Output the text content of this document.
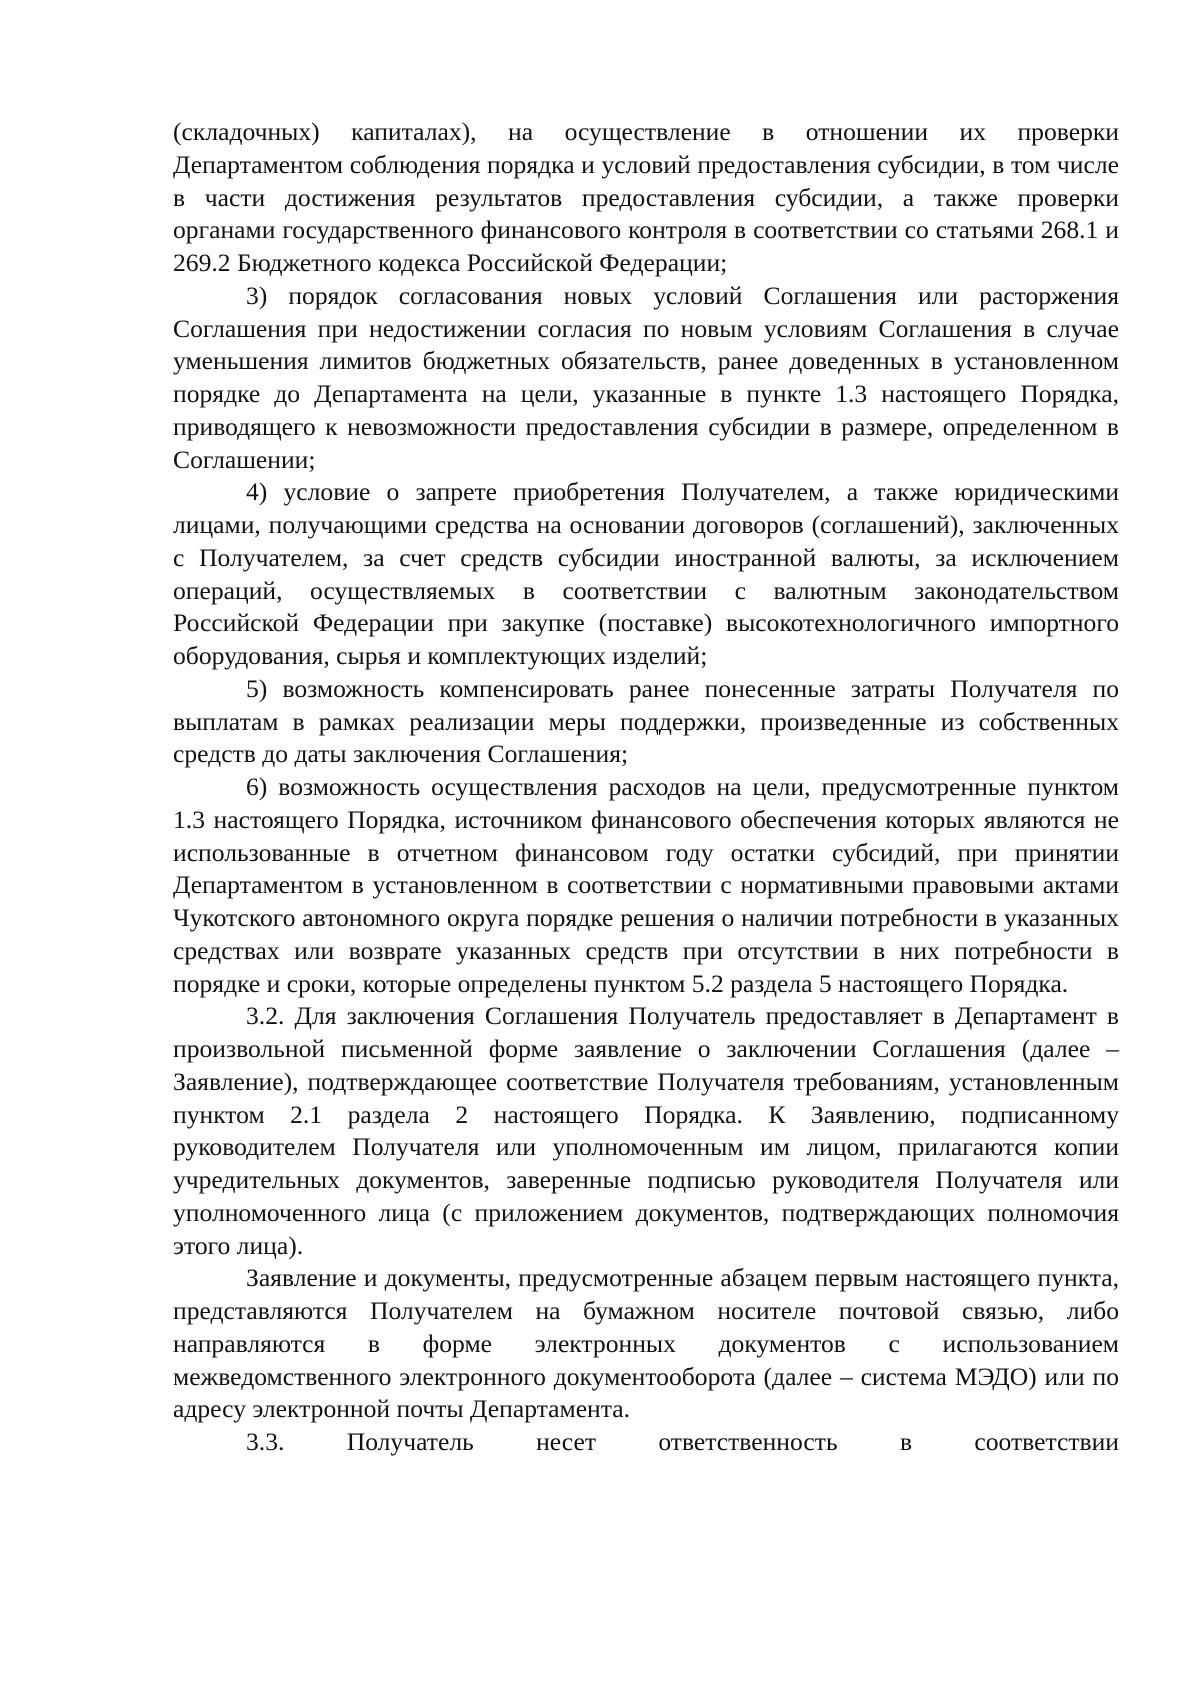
(складочных) капиталах), на осуществление в отношении их проверки Департаментом соблюдения порядка и условий предоставления субсидии, в том числе в части достижения результатов предоставления субсидии, а также проверки органами государственного финансового контроля в соответствии со статьями 268.1 и 269.2 Бюджетного кодекса Российской Федерации;

3) порядок согласования новых условий Соглашения или расторжения Соглашения при недостижении согласия по новым условиям Соглашения в случае уменьшения лимитов бюджетных обязательств, ранее доведенных в установленном порядке до Департамента на цели, указанные в пункте 1.3 настоящего Порядка, приводящего к невозможности предоставления субсидии в размере, определенном в Соглашении;

4) условие о запрете приобретения Получателем, а также юридическими лицами, получающими средства на основании договоров (соглашений), заключенных с Получателем, за счет средств субсидии иностранной валюты, за исключением операций, осуществляемых в соответствии с валютным законодательством Российской Федерации при закупке (поставке) высокотехнологичного импортного оборудования, сырья и комплектующих изделий;

5) возможность компенсировать ранее понесенные затраты Получателя по выплатам в рамках реализации меры поддержки, произведенные из собственных средств до даты заключения Соглашения;

6) возможность осуществления расходов на цели, предусмотренные пунктом 1.3 настоящего Порядка, источником финансового обеспечения которых являются не использованные в отчетном финансовом году остатки субсидий, при принятии Департаментом в установленном в соответствии с нормативными правовыми актами Чукотского автономного округа порядке решения о наличии потребности в указанных средствах или возврате указанных средств при отсутствии в них потребности в порядке и сроки, которые определены пунктом 5.2 раздела 5 настоящего Порядка.

3.2. Для заключения Соглашения Получатель предоставляет в Департамент в произвольной письменной форме заявление о заключении Соглашения (далее – Заявление), подтверждающее соответствие Получателя требованиям, установленным пунктом 2.1 раздела 2 настоящего Порядка. К Заявлению, подписанному руководителем Получателя или уполномоченным им лицом, прилагаются копии учредительных документов, заверенные подписью руководителя Получателя или уполномоченного лица (с приложением документов, подтверждающих полномочия этого лица).

Заявление и документы, предусмотренные абзацем первым настоящего пункта, представляются Получателем на бумажном носителе почтовой связью, либо направляются в форме электронных документов с использованием межведомственного электронного документооборота (далее – система МЭДО) или по адресу электронной почты Департамента.

3.3. Получатель несет ответственность в соответствии
